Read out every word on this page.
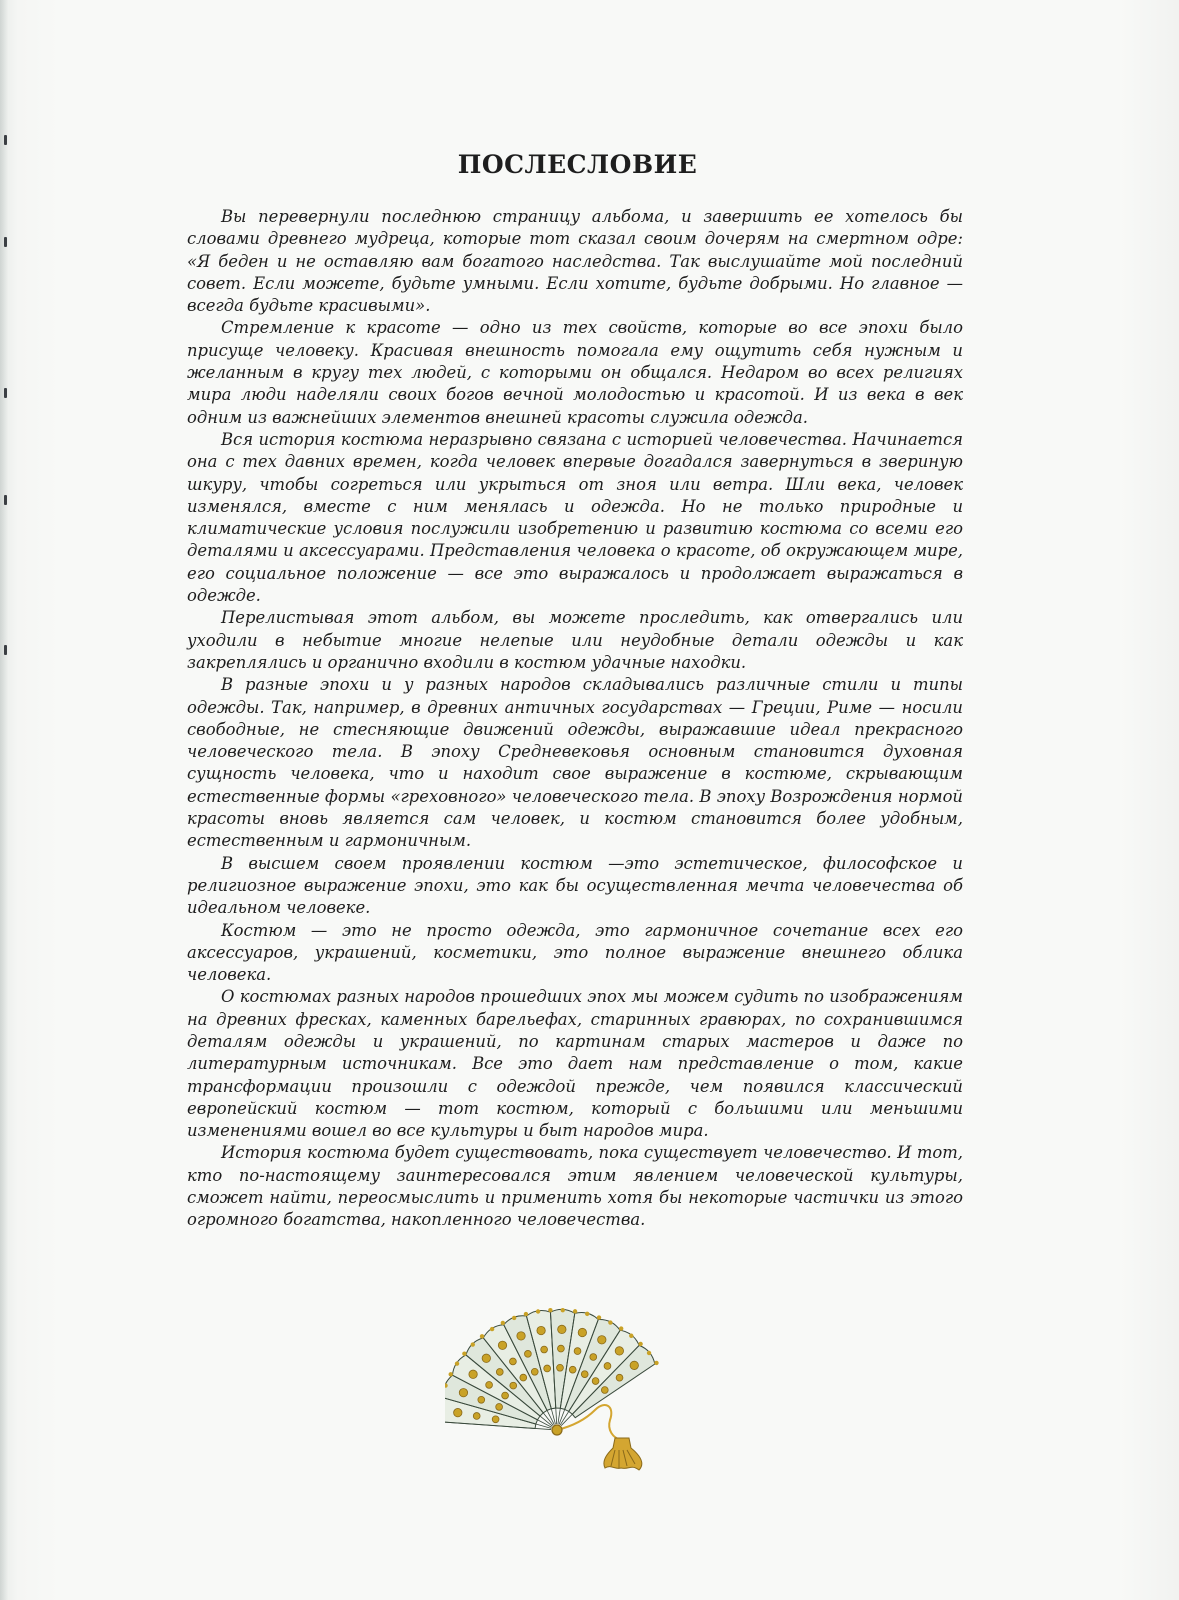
ПОСЛЕСЛОВИЕ

Вы перевернули последнюю страницу альбома, и завершить ее хотелось бы словами древнего мудреца, которые тот сказал своим дочерям на смертном одре: «Я беден и не оставляю вам богатого наследства. Так выслушайте мой последний совет. Если можете, будьте умными. Если хотите, будьте добрыми. Но главное — всегда будьте красивыми».

Стремление к красоте — одно из тех свойств, которые во все эпохи было присуще человеку. Красивая внешность помогала ему ощутить себя нужным и желанным в кругу тех людей, с которыми он общался. Недаром во всех религиях мира люди наделяли своих богов вечной молодостью и красотой. И из века в век одним из важнейших элементов внешней красоты служила одежда.

Вся история костюма неразрывно связана с историей человечества. Начинается она с тех давних времен, когда человек впервые догадался завернуться в звериную шкуру, чтобы согреться или укрыться от зноя или ветра. Шли века, человек изменялся, вместе с ним менялась и одежда. Но не только природные и климатические условия послужили изобретению и развитию костюма со всеми его деталями и аксессуарами. Представления человека о красоте, об окружающем мире, его социальное положение — все это выражалось и продолжает выражаться в одежде.

Перелистывая этот альбом, вы можете проследить, как отвергались или уходили в небытие многие нелепые или неудобные детали одежды и как закреплялись и органично входили в костюм удачные находки.

В разные эпохи и у разных народов складывались различные стили и типы одежды. Так, например, в древних античных государствах — Греции, Риме — носили свободные, не стесняющие движений одежды, выражавшие идеал прекрасного человеческого тела. В эпоху Средневековья основным становится духовная сущность человека, что и находит свое выражение в костюме, скрывающим естественные формы «греховного» человеческого тела. В эпоху Возрождения нормой красоты вновь является сам человек, и костюм становится более удобным, естественным и гармоничным.

В высшем своем проявлении костюм —это эстетическое, философское и религиозное выражение эпохи, это как бы осуществленная мечта человечества об идеальном человеке.

Костюм — это не просто одежда, это гармоничное сочетание всех его аксессуаров, украшений, косметики, это полное выражение внешнего облика человека.

О костюмах разных народов прошедших эпох мы можем судить по изображениям на древних фресках, каменных барельефах, старинных гравюрах, по сохранившимся деталям одежды и украшений, по картинам старых мастеров и даже по литературным источникам. Все это дает нам представление о том, какие трансформации произошли с одеждой прежде, чем появился классический европейский костюм — тот костюм, который с большими или меньшими изменениями вошел во все культуры и быт народов мира.

История костюма будет существовать, пока существует человечество. И тот, кто по-настоящему заинтересовался этим явлением человеческой культуры, сможет найти, переосмыслить и применить хотя бы некоторые частички из этого огромного богатства, накопленного человечества.
